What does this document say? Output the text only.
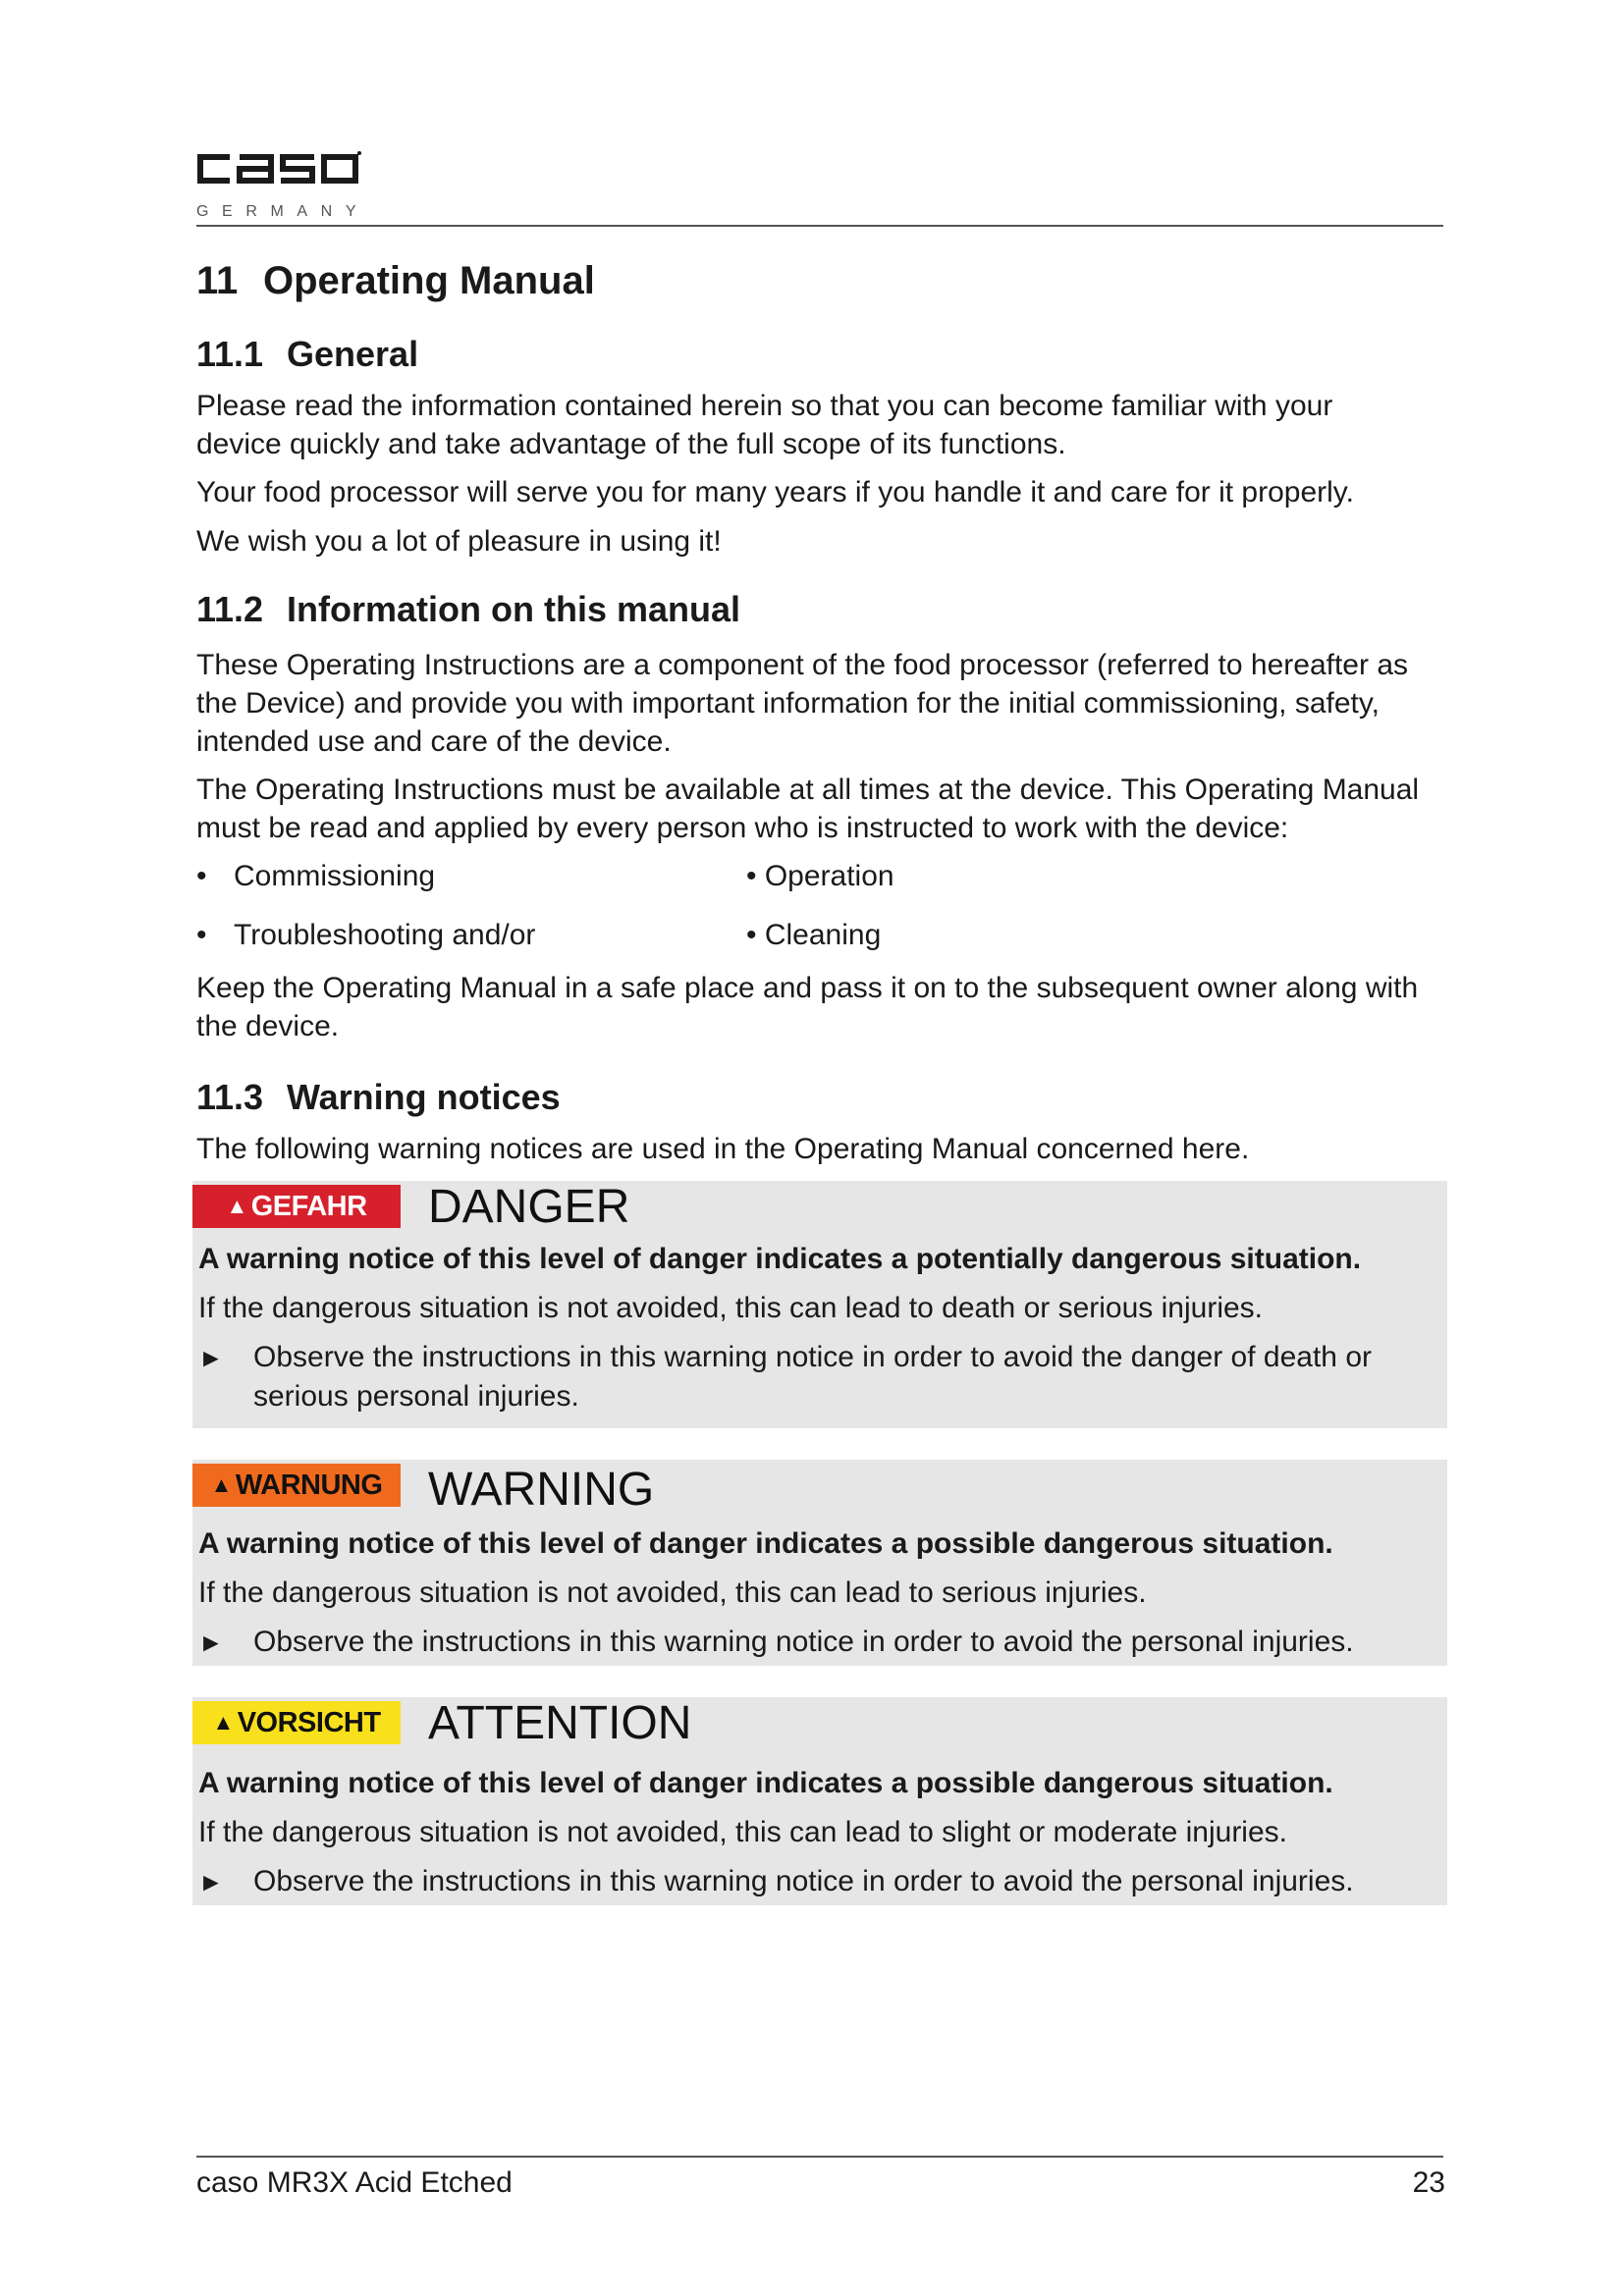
GERMANY
11 Operating Manual
11.1 General

Please read the information contained herein so that you can become familiar with your device quickly and take advantage of the full scope of its functions.

Your food processor will serve you for many years if you handle it and care for it properly.

We wish you a lot of pleasure in using it!

11.2 Information on this manual

These Operating Instructions are a component of the food processor (referred to hereafter as the Device) and provide you with important information for the initial commissioning, safety, intended use and care of the device.

The Operating Instructions must be available at all times at the device. This Operating Manual must be read and applied by every person who is instructed to work with the device:

• Commissioning	• Operation
• Troubleshooting and/or	• Cleaning

Keep the Operating Manual in a safe place and pass it on to the subsequent owner along with the device.

11.3 Warning notices

The following warning notices are used in the Operating Manual concerned here.

▲ GEFAHR DANGER

A warning notice of this level of danger indicates a potentially dangerous situation.

If the dangerous situation is not avoided, this can lead to death or serious injuries.

►	Observe the instructions in this warning notice in order to avoid the danger of death or serious personal injuries.

▲ WARNUNG WARNING

A warning notice of this level of danger indicates a possible dangerous situation.

If the dangerous situation is not avoided, this can lead to serious injuries.

►	Observe the instructions in this warning notice in order to avoid the personal injuries.

▲ VORSICHT ATTENTION

A warning notice of this level of danger indicates a possible dangerous situation.

If the dangerous situation is not avoided, this can lead to slight or moderate injuries.

►	Observe the instructions in this warning notice in order to avoid the personal injuries.

caso MR3X Acid Etched	23
